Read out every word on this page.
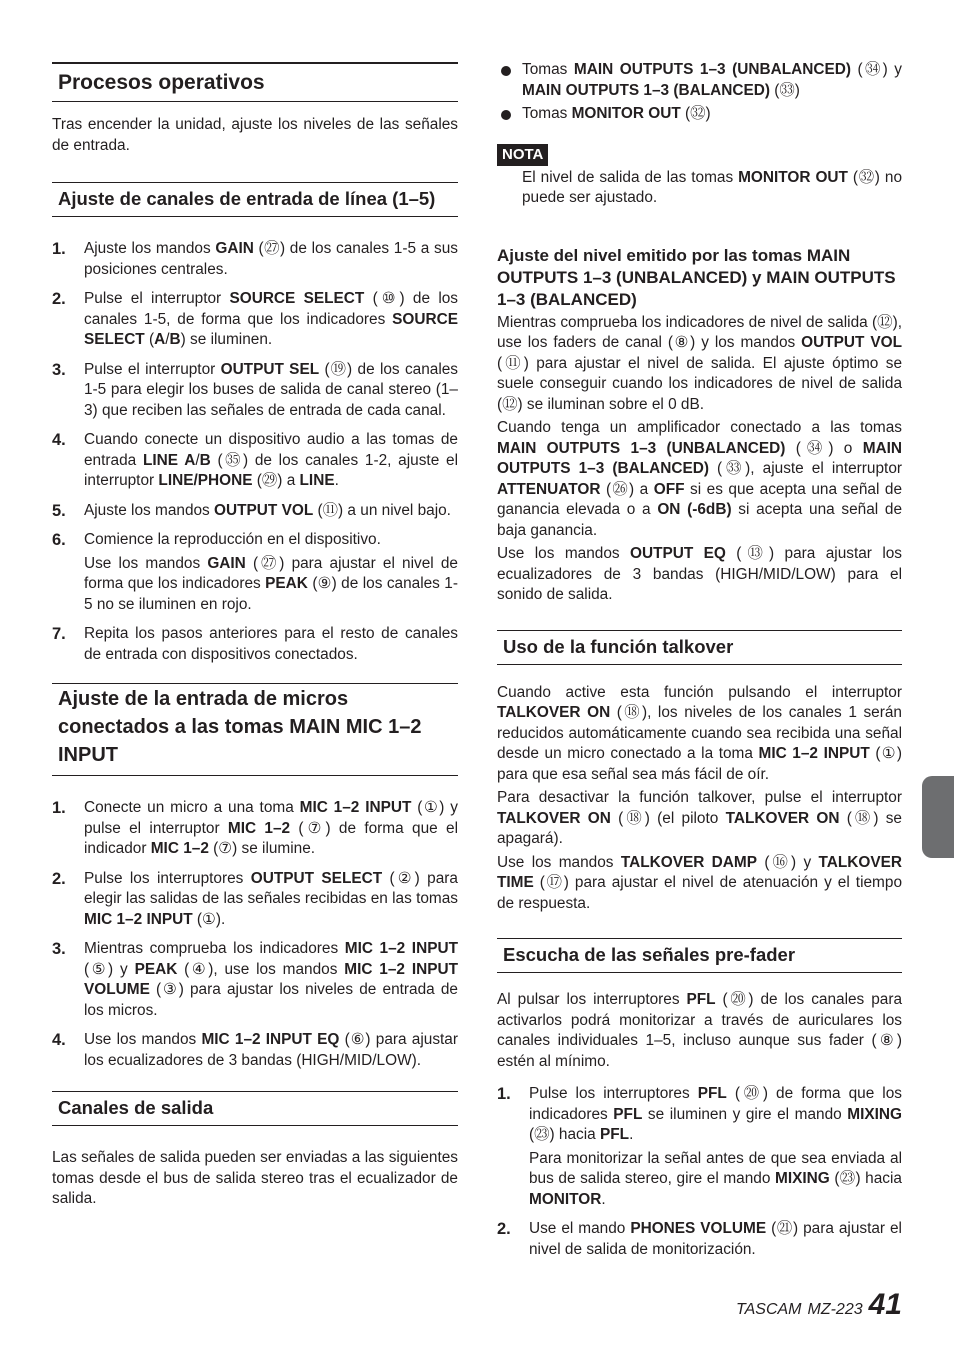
Procesos operativos

Tras encender la unidad, ajuste los niveles de las señales de entrada.

Ajuste de canales de entrada de línea (1–5)
1. Ajuste los mandos GAIN (㉗) de los canales 1-5 a sus posiciones centrales.

2. Pulse el interruptor SOURCE SELECT (⑩) de los canales 1-5, de forma que los indicadores SOURCE SELECT (A/B) se iluminen.

3. Pulse el interruptor OUTPUT SEL (⑲) de los canales 1-5 para elegir los buses de salida de canal stereo (1–3) que reciben las señales de entrada de cada canal.

4. Cuando conecte un dispositivo audio a las tomas de entrada LINE A/B (㉟) de los canales 1-2, ajuste el interruptor LINE/PHONE (㉙) a LINE.

5. Ajuste los mandos OUTPUT VOL (⑪) a un nivel bajo.

6. Comience la reproducción en el dispositivo.

Use los mandos GAIN (㉗) para ajustar el nivel de forma que los indicadores PEAK (⑨) de los canales 1-5 no se iluminen en rojo.

7. Repita los pasos anteriores para el resto de canales de entrada con dispositivos conectados.

Ajuste de la entrada de micros conectados a las tomas MAIN MIC 1–2 INPUT
1. Conecte un micro a una toma MIC 1–2 INPUT (①) y pulse el interruptor MIC 1–2 (⑦) de forma que el indicador MIC 1–2 (⑦) se ilumine.

2. Pulse los interruptores OUTPUT SELECT (②) para elegir las salidas de las señales recibidas en las tomas MIC 1–2 INPUT (①).

3. Mientras comprueba los indicadores MIC 1–2 INPUT (⑤) y PEAK (④), use los mandos MIC 1–2 INPUT VOLUME (③) para ajustar los niveles de entrada de los micros.

4. Use los mandos MIC 1–2 INPUT EQ (⑥) para ajustar los ecualizadores de 3 bandas (HIGH/MID/LOW).

Canales de salida

Las señales de salida pueden ser enviadas a las siguientes tomas desde el bus de salida stereo tras el ecualizador de salida.

Tomas MAIN OUTPUTS 1–3 (UNBALANCED) (㉞) y MAIN OUTPUTS 1–3 (BALANCED) (㉝)

Tomas MONITOR OUT (㉜)

NOTA

El nivel de salida de las tomas MONITOR OUT (㉜) no puede ser ajustado.

Ajuste del nivel emitido por las tomas MAIN OUTPUTS 1–3 (UNBALANCED) y MAIN OUTPUTS 1–3 (BALANCED)

Mientras comprueba los indicadores de nivel de salida (⑫), use los faders de canal (⑧) y los mandos OUTPUT VOL (⑪) para ajustar el nivel de salida. El ajuste óptimo se suele conseguir cuando los indicadores de nivel de salida (⑫) se iluminan sobre el 0 dB.

Cuando tenga un amplificador conectado a las tomas MAIN OUTPUTS 1–3 (UNBALANCED) (㉞) o MAIN OUTPUTS 1–3 (BALANCED) (㉝), ajuste el interruptor ATTENUATOR (㉖) a OFF si es que acepta una señal de ganancia elevada o a ON (-6dB) si acepta una señal de baja ganancia.

Use los mandos OUTPUT EQ (⑬) para ajustar los ecualizadores de 3 bandas (HIGH/MID/LOW) para el sonido de salida.

Uso de la función talkover

Cuando active esta función pulsando el interruptor TALKOVER ON (⑱), los niveles de los canales 1 serán reducidos automáticamente cuando sea recibida una señal desde un micro conectado a la toma MIC 1–2 INPUT (①) para que esa señal sea más fácil de oír.

Para desactivar la función talkover, pulse el interruptor TALKOVER ON (⑱) (el piloto TALKOVER ON (⑱) se apagará).

Use los mandos TALKOVER DAMP (⑯) y TALKOVER TIME (⑰) para ajustar el nivel de atenuación y el tiempo de respuesta.

Escucha de las señales pre-fader

Al pulsar los interruptores PFL (⑳) de los canales para activarlos podrá monitorizar a través de auriculares los canales individuales 1–5, incluso aunque sus fader (⑧) estén al mínimo.

1. Pulse los interruptores PFL (⑳) de forma que los indicadores PFL se iluminen y gire el mando MIXING (㉓) hacia PFL.

Para monitorizar la señal antes de que sea enviada al bus de salida stereo, gire el mando MIXING (㉓) hacia MONITOR.

2. Use el mando PHONES VOLUME (㉑) para ajustar el nivel de salida de monitorización.

TASCAM MZ-223 41
